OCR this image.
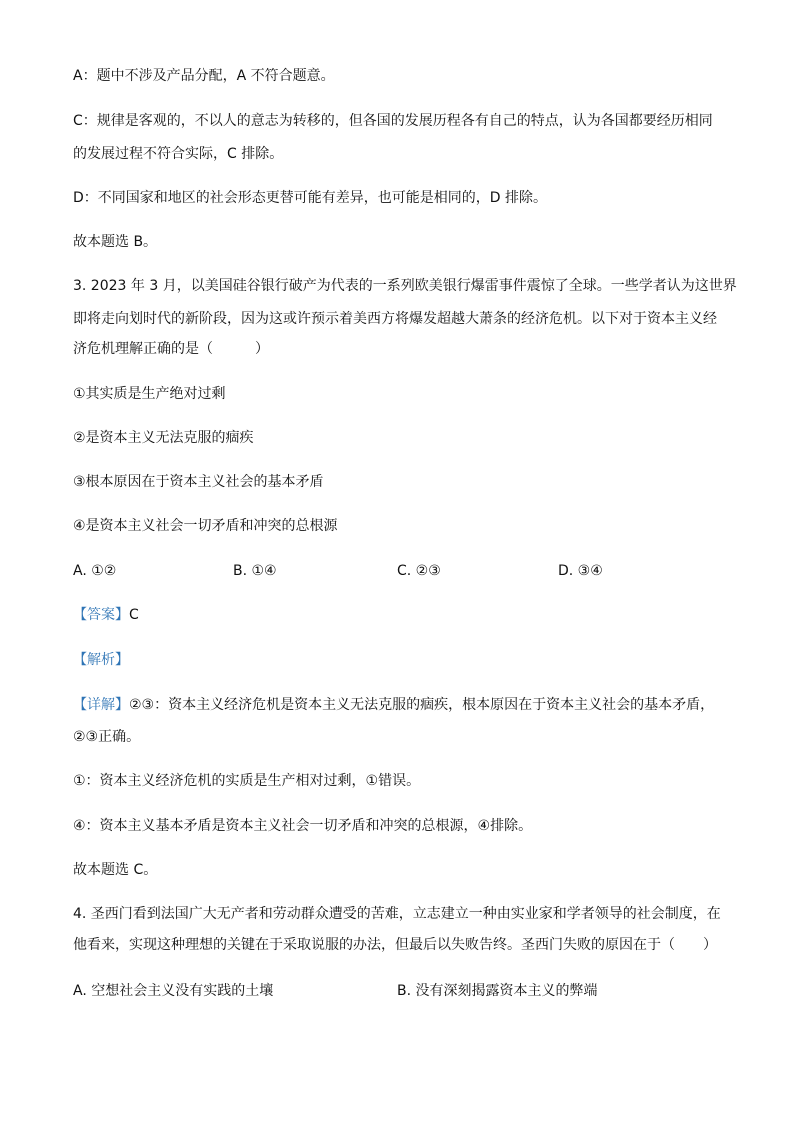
A：题中不涉及产品分配，A 不符合题意。
C：规律是客观的，不以人的意志为转移的，但各国的发展历程各有自己的特点，认为各国都要经历相同
的发展过程不符合实际，C 排除。
D：不同国家和地区的社会形态更替可能有差异，也可能是相同的，D 排除。
故本题选 B。
3. 2023 年 3 月，以美国硅谷银行破产为代表的一系列欧美银行爆雷事件震惊了全球。一些学者认为这世界
即将走向划时代的新阶段，因为这或许预示着美西方将爆发超越大萧条的经济危机。以下对于资本主义经
济危机理解正确的是（　　　）
①其实质是生产绝对过剩
②是资本主义无法克服的痼疾
③根本原因在于资本主义社会的基本矛盾
④是资本主义社会一切矛盾和冲突的总根源
A. ①②	B. ①④	C. ②③	D. ③④
【答案】C
【解析】
【详解】②③：资本主义经济危机是资本主义无法克服的痼疾，根本原因在于资本主义社会的基本矛盾，
②③正确。
①：资本主义经济危机的实质是生产相对过剩，①错误。
④：资本主义基本矛盾是资本主义社会一切矛盾和冲突的总根源，④排除。
故本题选 C。
4. 圣西门看到法国广大无产者和劳动群众遭受的苦难，立志建立一种由实业家和学者领导的社会制度，在
他看来，实现这种理想的关键在于采取说服的办法，但最后以失败告终。圣西门失败的原因在于（　　）
A. 空想社会主义没有实践的土壤	B. 没有深刻揭露资本主义的弊端
